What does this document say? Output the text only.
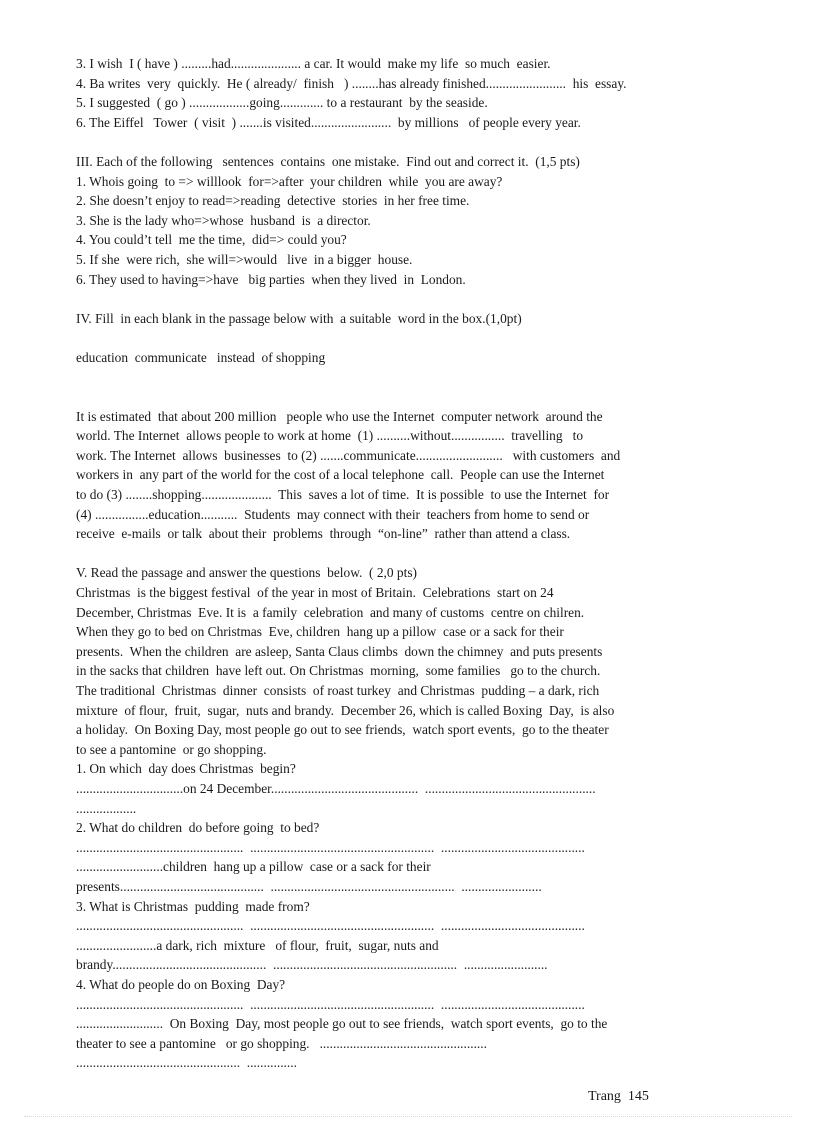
3. I wish  I ( have ) .........had..................... a car. It would  make my life  so much  easier.
4. Ba writes  very  quickly.  He ( already/  finish   ) ........has already finished........................  his  essay.
5. I suggested  ( go ) ..................going............. to a restaurant  by the seaside.
6. The Eiffel   Tower  ( visit  ) .......is visited........................  by millions   of people every year.
III. Each of the following   sentences  contains  one mistake.  Find out and correct it.  (1,5 pts)
1. Whois going  to => willlook  for=>after  your children  while  you are away?
2. She doesn’t enjoy to read=>reading  detective  stories  in her free time.
3. She is the lady who=>whose  husband  is  a director.
4. You could’t tell  me the time,  did=> could you?
5. If she  were rich,  she will=>would   live  in a bigger  house.
6. They used to having=>have   big parties  when they lived  in  London.
IV. Fill  in each blank in the passage below with  a suitable  word in the box.(1,0pt)
education  communicate   instead  of shopping
It is estimated  that about 200 million   people who use the Internet  computer network  around the
world. The Internet  allows people to work at home  (1) ..........without................  travelling   to
work. The Internet  allows  businesses  to (2) .......communicate..........................   with customers  and
workers in  any part of the world for the cost of a local telephone  call.  People can use the Internet
to do (3) ........shopping.....................  This  saves a lot of time.  It is possible  to use the Internet  for
(4) ................education...........  Students  may connect with their  teachers from home to send or
receive  e-mails  or talk  about their  problems  through  “on-line”  rather than attend a class.
V. Read the passage and answer the questions  below.  ( 2,0 pts)
Christmas  is the biggest festival  of the year in most of Britain.  Celebrations  start on 24
December, Christmas  Eve. It is  a family  celebration  and many of customs  centre on chilren.
When they go to bed on Christmas  Eve, children  hang up a pillow  case or a sack for their
presents.  When the children  are asleep, Santa Claus climbs  down the chimney  and puts presents
in the sacks that children  have left out. On Christmas  morning,  some families   go to the church.
The traditional  Christmas  dinner  consists  of roast turkey  and Christmas  pudding – a dark, rich
mixture  of flour,  fruit,  sugar,  nuts and brandy.  December 26, which is called Boxing  Day,  is also
a holiday.  On Boxing Day, most people go out to see friends,  watch sport events,  go to the theater
to see a pantomine  or go shopping.
1. On which  day does Christmas  begin?
................................on 24 December............................................  ...................................................
..................
2. What do children  do before going  to bed?
..................................................  .......................................................  ...........................................
..........................children  hang up a pillow  case or a sack for their
presents...........................................  .......................................................  ........................
3. What is Christmas  pudding  made from?
..................................................  .......................................................  ...........................................
........................a dark, rich  mixture   of flour,  fruit,  sugar, nuts and
brandy..............................................  .......................................................  .........................
4. What do people do on Boxing  Day?
..................................................  .......................................................  ...........................................
..........................  On Boxing  Day, most people go out to see friends,  watch sport events,  go to the
theater to see a pantomine   or go shopping.   ..................................................
.................................................  ...............
Trang  145
